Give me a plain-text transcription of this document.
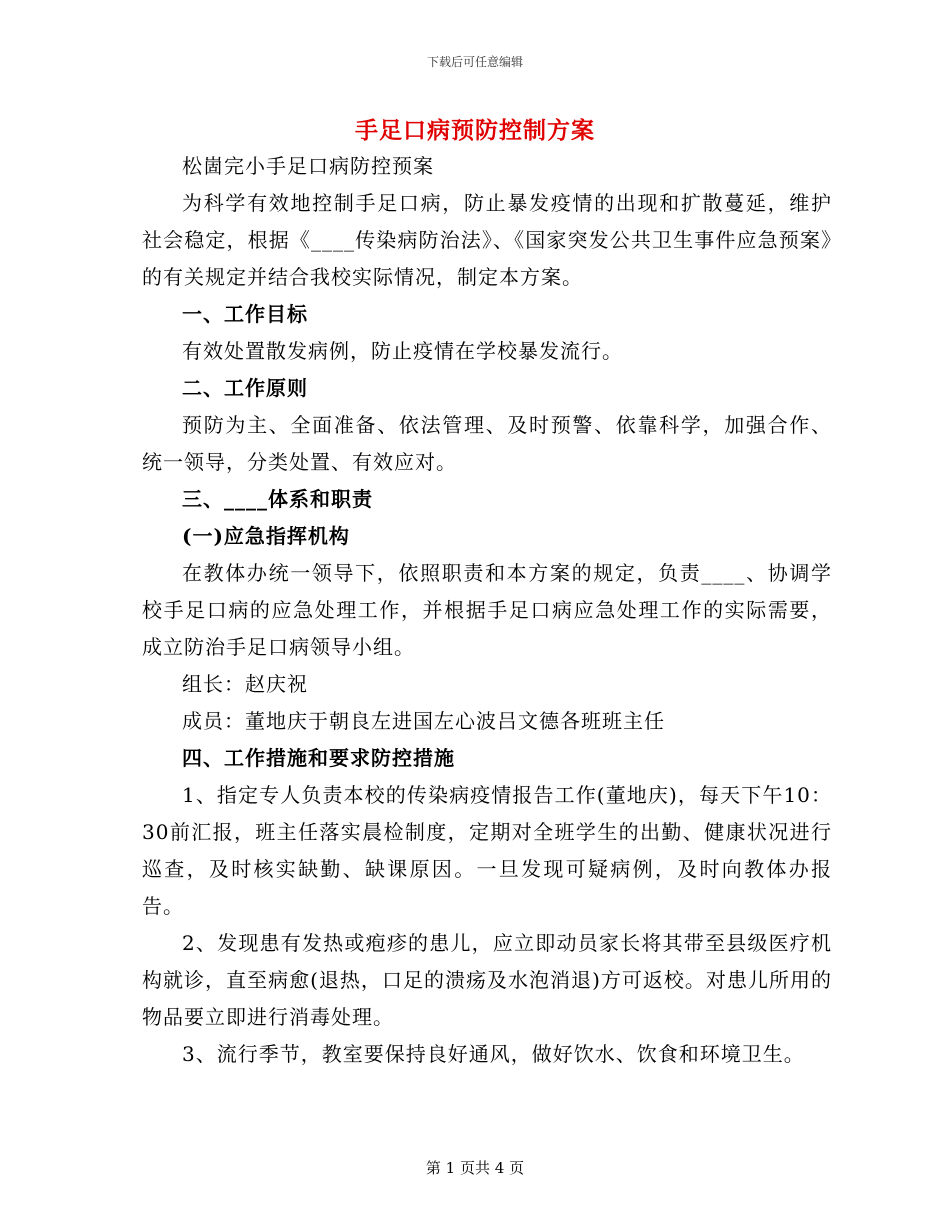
下载后可任意编辑
手足口病预防控制方案

松崮完小手足口病防控预案

为科学有效地控制手足口病，防止暴发疫情的出现和扩散蔓延，维护社会稳定，根据《____传染病防治法》、《国家突发公共卫生事件应急预案》的有关规定并结合我校实际情况，制定本方案。

一、工作目标

有效处置散发病例，防止疫情在学校暴发流行。

二、工作原则

预防为主、全面准备、依法管理、及时预警、依靠科学，加强合作、统一领导，分类处置、有效应对。

三、____体系和职责

(一)应急指挥机构

在教体办统一领导下，依照职责和本方案的规定，负责____、协调学校手足口病的应急处理工作，并根据手足口病应急处理工作的实际需要，成立防治手足口病领导小组。

组长：赵庆祝

成员：董地庆于朝良左进国左心波吕文德各班班主任

四、工作措施和要求防控措施

1、指定专人负责本校的传染病疫情报告工作(董地庆)，每天下午10：30前汇报，班主任落实晨检制度，定期对全班学生的出勤、健康状况进行巡查，及时核实缺勤、缺课原因。一旦发现可疑病例，及时向教体办报告。

2、发现患有发热或疱疹的患儿，应立即动员家长将其带至县级医疗机构就诊，直至病愈(退热，口足的溃疡及水泡消退)方可返校。对患儿所用的物品要立即进行消毒处理。

3、流行季节，教室要保持良好通风，做好饮水、饮食和环境卫生。

第 1 页共 4 页
